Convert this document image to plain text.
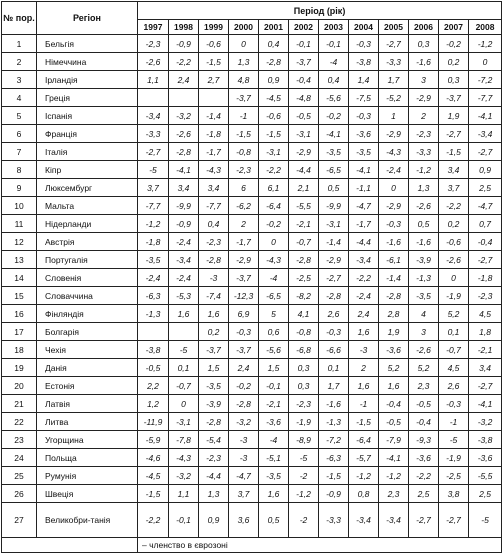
№ пор.	Регіон	Період (рік)											
		1997	1998	1999	2000	2001	2002	2003	2004	2005	2006	2007	2008
1	Бельгія	-2,3	-0,9	-0,6	0	0,4	-0,1	-0,1	-0,3	-2,7	0,3	-0,2	-1,2
2	Німеччина	-2,6	-2,2	-1,5	1,3	-2,8	-3,7	-4	-3,8	-3,3	-1,6	0,2	0
3	Ірландія	1,1	2,4	2,7	4,8	0,9	-0,4	0,4	1,4	1,7	3	0,3	-7,2
4	Греція				-3,7	-4,5	-4,8	-5,6	-7,5	-5,2	-2,9	-3,7	-7,7
5	Іспанія	-3,4	-3,2	-1,4	-1	-0,6	-0,5	-0,2	-0,3	1	2	1,9	-4,1
6	Франція	-3,3	-2,6	-1,8	-1,5	-1,5	-3,1	-4,1	-3,6	-2,9	-2,3	-2,7	-3,4
7	Італія	-2,7	-2,8	-1,7	-0,8	-3,1	-2,9	-3,5	-3,5	-4,3	-3,3	-1,5	-2,7
8	Кіпр	-5	-4,1	-4,3	-2,3	-2,2	-4,4	-6,5	-4,1	-2,4	-1,2	3,4	0,9
9	Люксембург	3,7	3,4	3,4	6	6,1	2,1	0,5	-1,1	0	1,3	3,7	2,5
10	Мальта	-7,7	-9,9	-7,7	-6,2	-6,4	-5,5	-9,9	-4,7	-2,9	-2,6	-2,2	-4,7
11	Нідерланди	-1,2	-0,9	0,4	2	-0,2	-2,1	-3,1	-1,7	-0,3	0,5	0,2	0,7
12	Австрія	-1,8	-2,4	-2,3	-1,7	0	-0,7	-1,4	-4,4	-1,6	-1,6	-0,6	-0,4
13	Португалія	-3,5	-3,4	-2,8	-2,9	-4,3	-2,8	-2,9	-3,4	-6,1	-3,9	-2,6	-2,7
14	Словенія	-2,4	-2,4	-3	-3,7	-4	-2,5	-2,7	-2,2	-1,4	-1,3	0	-1,8
15	Словаччина	-6,3	-5,3	-7,4	-12,3	-6,5	-8,2	-2,8	-2,4	-2,8	-3,5	-1,9	-2,3
16	Фінляндія	-1,3	1,6	1,6	6,9	5	4,1	2,6	2,4	2,8	4	5,2	4,5
17	Болгарія			0,2	-0,3	0,6	-0,8	-0,3	1,6	1,9	3	0,1	1,8
18	Чехія	-3,8	-5	-3,7	-3,7	-5,6	-6,8	-6,6	-3	-3,6	-2,6	-0,7	-2,1
19	Данія	-0,5	0,1	1,5	2,4	1,5	0,3	0,1	2	5,2	5,2	4,5	3,4
20	Естонія	2,2	-0,7	-3,5	-0,2	-0,1	0,3	1,7	1,6	1,6	2,3	2,6	-2,7
21	Латвія	1,2	0	-3,9	-2,8	-2,1	-2,3	-1,6	-1	-0,4	-0,5	-0,3	-4,1
22	Литва	-11,9	-3,1	-2,8	-3,2	-3,6	-1,9	-1,3	-1,5	-0,5	-0,4	-1	-3,2
23	Угорщина	-5,9	-7,8	-5,4	-3	-4	-8,9	-7,2	-6,4	-7,9	-9,3	-5	-3,8
24	Польща	-4,6	-4,3	-2,3	-3	-5,1	-5	-6,3	-5,7	-4,1	-3,6	-1,9	-3,6
25	Румунія	-4,5	-3,2	-4,4	-4,7	-3,5	-2	-1,5	-1,2	-1,2	-2,2	-2,5	-5,5
26	Швеція	-1,5	1,1	1,3	3,7	1,6	-1,2	-0,9	0,8	2,3	2,5	3,8	2,5
27	Великобри-танія	-2,2	-0,1	0,9	3,6	0,5	-2	-3,3	-3,4	-3,4	-2,7	-2,7	-5
		– членство в єврозоні											
